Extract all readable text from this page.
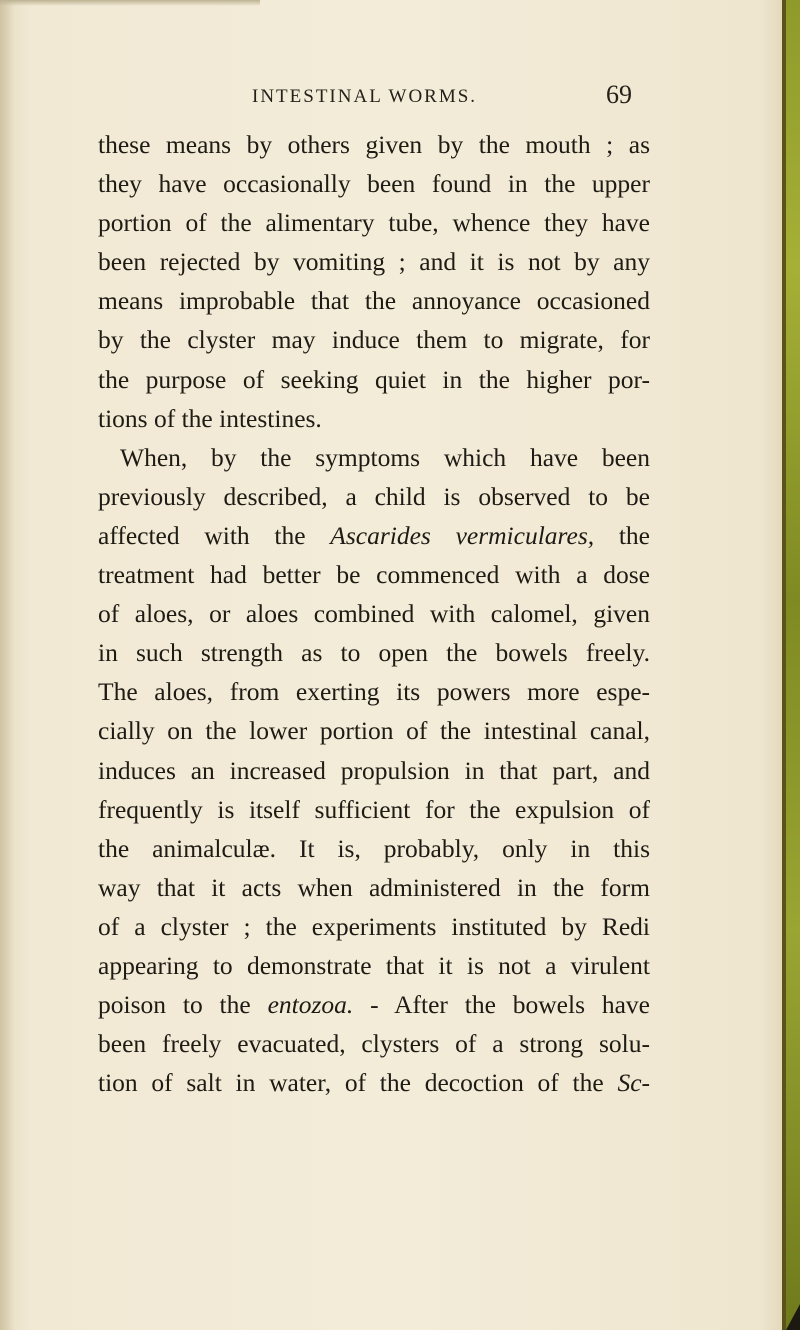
INTESTINAL WORMS.	69
these means by others given by the mouth ; as
they have occasionally been found in the upper
portion of the alimentary tube, whence they have
been rejected by vomiting ; and it is not by any
means improbable that the annoyance occasioned
by the clyster may induce them to migrate, for
the purpose of seeking quiet in the higher por-
tions of the intestines.
When, by the symptoms which have been
previously described, a child is observed to be
affected with the Ascarides vermiculares, the
treatment had better be commenced with a dose
of aloes, or aloes combined with calomel, given
in such strength as to open the bowels freely.
The aloes, from exerting its powers more espe-
cially on the lower portion of the intestinal canal,
induces an increased propulsion in that part, and
frequently is itself sufficient for the expulsion of
the animalculæ. It is, probably, only in this
way that it acts when administered in the form
of a clyster ; the experiments instituted by Redi
appearing to demonstrate that it is not a virulent
poison to the entozoa. - After the bowels have
been freely evacuated, clysters of a strong solu-
tion of salt in water, of the decoction of the Sc-
